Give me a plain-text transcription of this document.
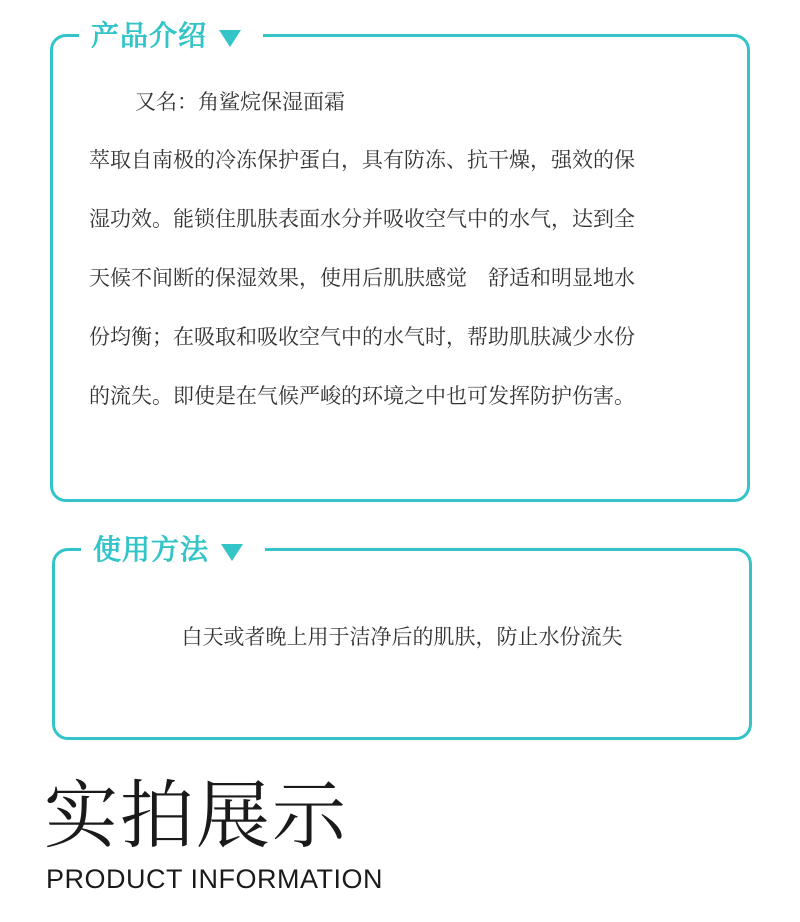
产品介绍
又名：角鲨烷保湿面霜
萃取自南极的冷冻保护蛋白，具有防冻、抗干燥，强效的保
湿功效。能锁住肌肤表面水分并吸收空气中的水气，达到全
天候不间断的保湿效果，使用后肌肤感觉　舒适和明显地水
份均衡；在吸取和吸收空气中的水气时，帮助肌肤减少水份
的流失。即使是在气候严峻的环境之中也可发挥防护伤害。
使用方法
白天或者晚上用于洁净后的肌肤，防止水份流失
实拍展示
PRODUCT INFORMATION
